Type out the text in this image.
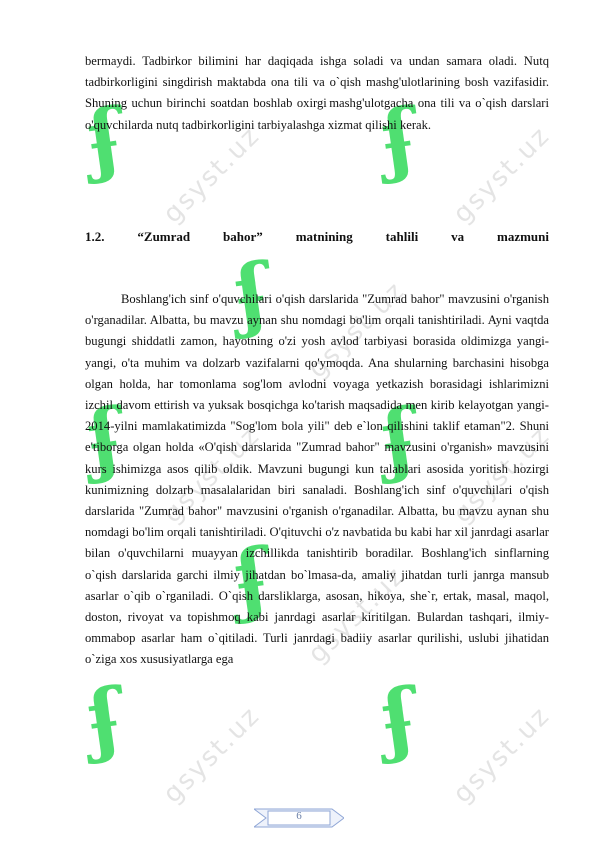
ʄ	ʄ
ʄ
ʄ	ʄ
ʄ
ʄ	ʄ
gsyst.uz	gsyst.uz
gsyst.uz
gsyst.uz	gsyst.uz
gsyst.uz
gsyst.uz	gsyst.uz

bermaydi. Tadbirkor bilimini har daqiqada ishga soladi va undan samara oladi. Nutq tadbirkorligini singdirish maktabda ona tili va o`qish mashg'ulotlarining bosh vazifasidir. Shuning uchun birinchi soatdan boshlab oxirgi mashg'ulotgacha ona tili va o`qish darslari o'quvchilarda nutq tadbirkorligini tarbiyalashga xizmat qilishi kerak.

1.2.	“Zumrad	bahor”	matnining	tahlili	va	mazmuni

Boshlang'ich sinf o'quvchilari o'qish darslarida "Zumrad bahor" mavzusini o'rganish o'rganadilar. Albatta, bu mavzu aynan shu nomdagi bo'lim orqali tanishtiriladi. Ayni vaqtda bugungi shiddatli zamon, hayotning o'zi yosh avlod tarbiyasi borasida oldimizga yangi-yangi, o'ta muhim va dolzarb vazifalarni qo'ymoqda. Ana shularning barchasini hisobga olgan holda, har tomonlama sog'lom avlodni voyaga yetkazish borasidagi ishlarimizni izchil davom ettirish va yuksak bosqichga ko'tarish maqsadida men kirib kelayotgan yangi-2014-yilni mamlakatimizda "Sog'lom bola yili" deb e`lon qilishini taklif etaman"2. Shuni e'tiborga olgan holda «O'qish darslarida "Zumrad bahor" mavzusini o'rganish» mavzusini kurs ishimizga asos qilib oldik. Mavzuni bugungi kun talablari asosida yoritish hozirgi kunimizning dolzarb masalalaridan biri sanaladi. Boshlang'ich sinf o'quvchilari o'qish darslarida "Zumrad bahor" mavzusini o'rganish o'rganadilar. Albatta, bu mavzu aynan shu nomdagi bo'lim orqali tanishtiriladi. O'qituvchi o'z navbatida bu kabi har xil janrdagi asarlar bilan o'quvchilarni muayyan izchillikda tanishtirib boradilar. Boshlang'ich sinflarning o`qish darslarida garchi ilmiy jihatdan bo`lmasa-da, amaliy jihatdan turli janrga mansub asarlar o`qib o`rganiladi. O`qish darsliklarga, asosan, hikoya, she`r, ertak, masal, maqol, doston, rivoyat va topishmoq kabi janrdagi asarlar kiritilgan. Bulardan tashqari, ilmiy-ommabop asarlar ham o`qitiladi. Turli janrdagi badiiy asarlar qurilishi, uslubi jihatidan o`ziga xos xususiyatlarga ega

6
